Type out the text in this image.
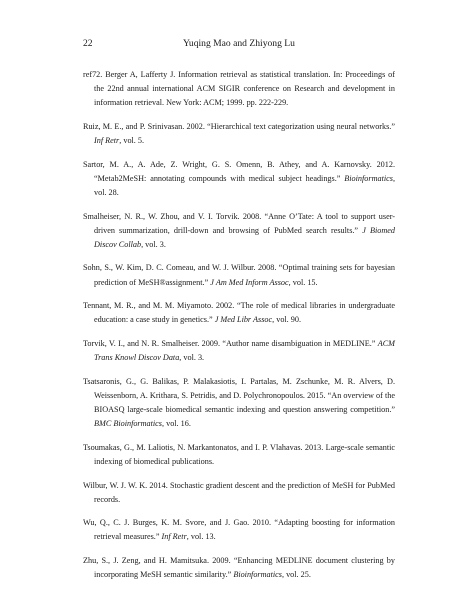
22	Yuqing Mao and Zhiyong Lu
ref72. Berger A, Lafferty J. Information retrieval as statistical translation. In: Proceedings of the 22nd annual international ACM SIGIR conference on Research and development in information retrieval. New York: ACM; 1999. pp. 222-229.
Ruiz, M. E., and P. Srinivasan. 2002. “Hierarchical text categorization using neural networks.” Inf Retr, vol. 5.
Sartor, M. A., A. Ade, Z. Wright, G. S. Omenn, B. Athey, and A. Karnovsky. 2012. “Metab2MeSH: annotating compounds with medical subject headings.” Bioinformatics, vol. 28.
Smalheiser, N. R., W. Zhou, and V. I. Torvik. 2008. “Anne O’Tate: A tool to support user-driven summarization, drill-down and browsing of PubMed search results.” J Biomed Discov Collab, vol. 3.
Sohn, S., W. Kim, D. C. Comeau, and W. J. Wilbur. 2008. “Optimal training sets for bayesian prediction of MeSH®assignment.” J Am Med Inform Assoc, vol. 15.
Tennant, M. R., and M. M. Miyamoto. 2002. “The role of medical libraries in undergraduate education: a case study in genetics.” J Med Libr Assoc, vol. 90.
Torvik, V. I., and N. R. Smalheiser. 2009. “Author name disambiguation in MEDLINE.” ACM Trans Knowl Discov Data, vol. 3.
Tsatsaronis, G., G. Balikas, P. Malakasiotis, I. Partalas, M. Zschunke, M. R. Alvers, D. Weissenborn, A. Krithara, S. Petridis, and D. Polychronopoulos. 2015. “An overview of the BIOASQ large-scale biomedical semantic indexing and question answering competition.” BMC Bioinformatics, vol. 16.
Tsoumakas, G., M. Laliotis, N. Markantonatos, and I. P. Vlahavas. 2013. Large-scale semantic indexing of biomedical publications.
Wilbur, W. J. W. K. 2014. Stochastic gradient descent and the prediction of MeSH for PubMed records.
Wu, Q., C. J. Burges, K. M. Svore, and J. Gao. 2010. “Adapting boosting for information retrieval measures.” Inf Retr, vol. 13.
Zhu, S., J. Zeng, and H. Mamitsuka. 2009. “Enhancing MEDLINE document clustering by incorporating MeSH semantic similarity.” Bioinformatics, vol. 25.
